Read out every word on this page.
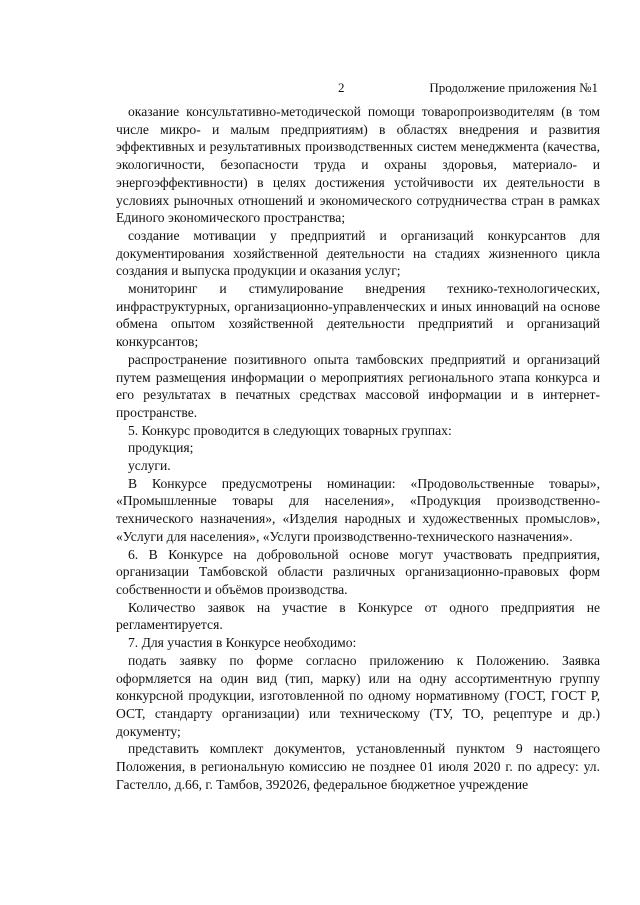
2	Продолжение приложения №1

оказание консультативно-методической помощи товаропроизводителям (в том числе микро- и малым предприятиям) в областях внедрения и развития эффективных и результативных производственных систем менеджмента (качества, экологичности, безопасности труда и охраны здоровья, материало- и энергоэффективности) в целях достижения устойчивости их деятельности в условиях рыночных отношений и экономического сотрудничества стран в рамках Единого экономического пространства;

создание мотивации у предприятий и организаций конкурсантов для документирования хозяйственной деятельности на стадиях жизненного цикла создания и выпуска продукции и оказания услуг;

мониторинг и стимулирование внедрения технико-технологических, инфраструктурных, организационно-управленческих и иных инноваций на основе обмена опытом хозяйственной деятельности предприятий и организаций конкурсантов;

распространение позитивного опыта тамбовских предприятий и организаций путем размещения информации о мероприятиях регионального этапа конкурса и его результатах в печатных средствах массовой информации и в интернет-пространстве.

5. Конкурс проводится в следующих товарных группах:

продукция;

услуги.

В Конкурсе предусмотрены номинации: «Продовольственные товары», «Промышленные товары для населения», «Продукция производственно-технического назначения», «Изделия народных и художественных промыслов», «Услуги для населения», «Услуги производственно-технического назначения».

6. В Конкурсе на добровольной основе могут участвовать предприятия, организации Тамбовской области различных организационно-правовых форм собственности и объёмов производства.

Количество заявок на участие в Конкурсе от одного предприятия не регламентируется.

7. Для участия в Конкурсе необходимо:

подать заявку по форме согласно приложению к Положению. Заявка оформляется на один вид (тип, марку) или на одну ассортиментную группу конкурсной продукции, изготовленной по одному нормативному (ГОСТ, ГОСТ Р, ОСТ, стандарту организации) или техническому (ТУ, ТО, рецептуре и др.) документу;

представить комплект документов, установленный пунктом 9 настоящего Положения, в региональную комиссию не позднее 01 июля 2020 г. по адресу: ул. Гастелло, д.66, г. Тамбов, 392026, федеральное бюджетное учреждение
